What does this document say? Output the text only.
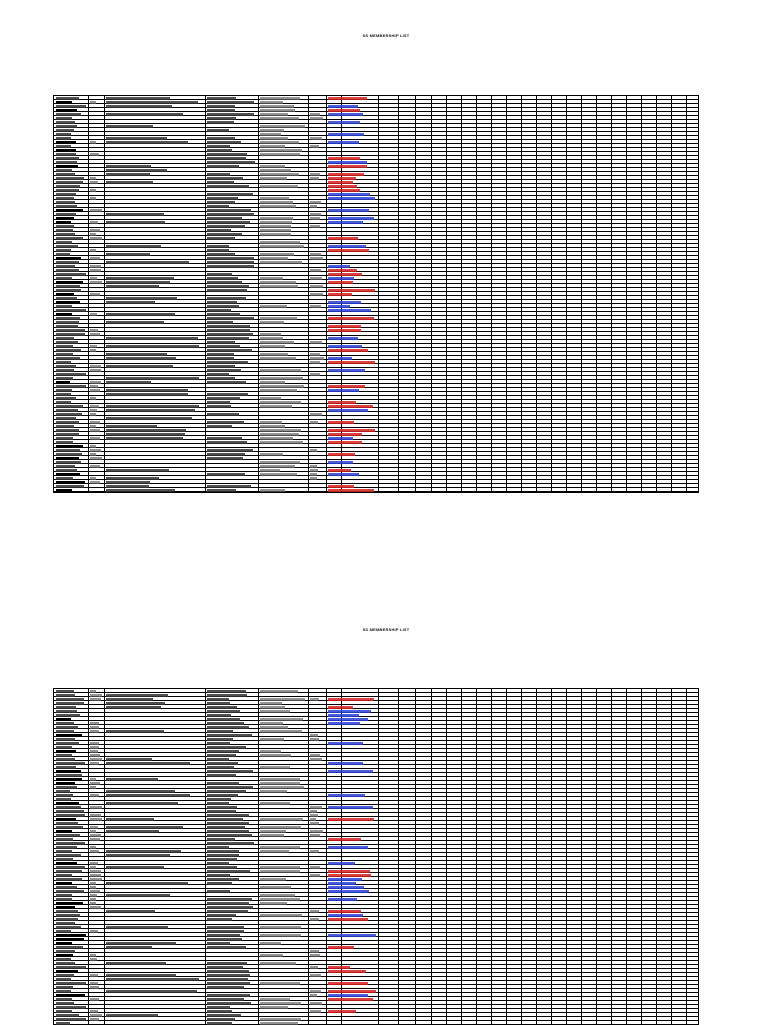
SS MEMBERSHIP LIST
SS MEMBERSHIP LIST
